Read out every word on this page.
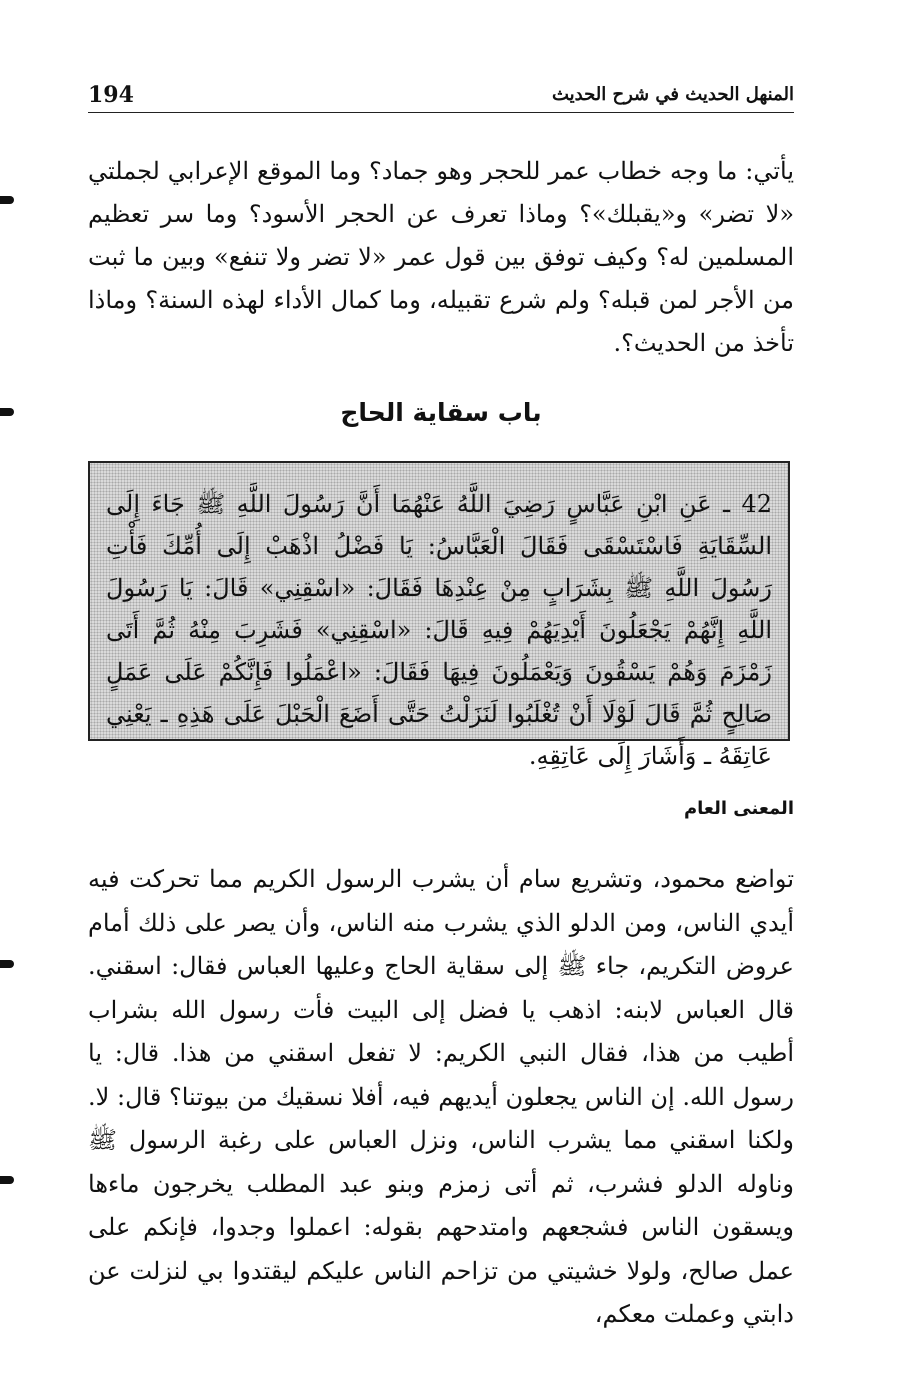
194	المنهل الحديث في شرح الحديث
يأتي: ما وجه خطاب عمر للحجر وهو جماد؟ وما الموقع الإعرابي لجملتي «لا تضر» و«يقبلك»؟ وماذا تعرف عن الحجر الأسود؟ وما سر تعظيم المسلمين له؟ وكيف توفق بين قول عمر «لا تضر ولا تنفع» وبين ما ثبت من الأجر لمن قبله؟ ولم شرع تقبيله، وما كمال الأداء لهذه السنة؟ وماذا تأخذ من الحديث؟.
باب سقاية الحاج
42 ـ عَنِ ابْنِ عَبَّاسٍ رَضِيَ اللَّهُ عَنْهُمَا أَنَّ رَسُولَ اللَّهِ ﷺ جَاءَ إِلَى السِّقَايَةِ فَاسْتَسْقَى فَقَالَ الْعَبَّاسُ: يَا فَضْلُ اذْهَبْ إِلَى أُمِّكَ فَأْتِ رَسُولَ اللَّهِ ﷺ بِشَرَابٍ مِنْ عِنْدِهَا فَقَالَ: «اسْقِنِي» قَالَ: يَا رَسُولَ اللَّهِ إِنَّهُمْ يَجْعَلُونَ أَيْدِيَهُمْ فِيهِ قَالَ: «اسْقِنِي» فَشَرِبَ مِنْهُ ثُمَّ أَتَى زَمْزَمَ وَهُمْ يَسْقُونَ وَيَعْمَلُونَ فِيهَا فَقَالَ: «اعْمَلُوا فَإِنَّكُمْ عَلَى عَمَلٍ صَالِحٍ ثُمَّ قَالَ لَوْلَا أَنْ تُغْلَبُوا لَنَزَلْتُ حَتَّى أَضَعَ الْحَبْلَ عَلَى هَذِهِ ـ يَعْنِي عَاتِقَهُ ـ وَأَشَارَ إِلَى عَاتِقِهِ.
المعنى العام
تواضع محمود، وتشريع سام أن يشرب الرسول الكريم مما تحركت فيه أيدي الناس، ومن الدلو الذي يشرب منه الناس، وأن يصر على ذلك أمام عروض التكريم، جاء ﷺ إلى سقاية الحاج وعليها العباس فقال: اسقني. قال العباس لابنه: اذهب يا فضل إلى البيت فأت رسول الله بشراب أطيب من هذا، فقال النبي الكريم: لا تفعل اسقني من هذا. قال: يا رسول الله. إن الناس يجعلون أيديهم فيه، أفلا نسقيك من بيوتنا؟ قال: لا. ولكنا اسقني مما يشرب الناس، ونزل العباس على رغبة الرسول ﷺ وناوله الدلو فشرب، ثم أتى زمزم وبنو عبد المطلب يخرجون ماءها ويسقون الناس فشجعهم وامتدحهم بقوله: اعملوا وجدوا، فإنكم على عمل صالح، ولولا خشيتي من تزاحم الناس عليكم ليقتدوا بي لنزلت عن دابتي وعملت معكم،
